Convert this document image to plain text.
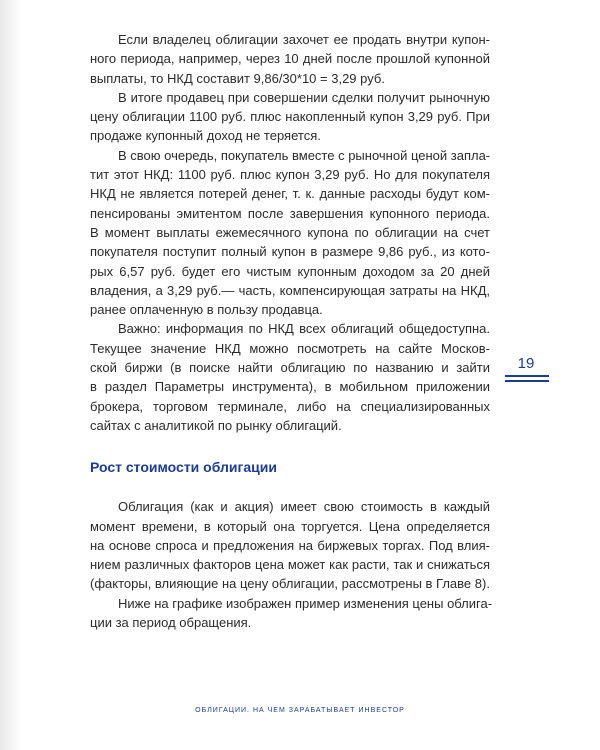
Если владелец облигации захочет ее продать внутри купон-
ного периода, например, через 10 дней после прошлой купонной
выплаты, то НКД составит 9,86/30*10 = 3,29 руб.
В итоге продавец при совершении сделки получит рыночную
цену облигации 1100 руб. плюс накопленный купон 3,29 руб. При
продаже купонный доход не теряется.
В свою очередь, покупатель вместе с рыночной ценой запла-
тит этот НКД: 1100 руб. плюс купон 3,29 руб. Но для покупателя
НКД не является потерей денег, т. к. данные расходы будут ком-
пенсированы эмитентом после завершения купонного периода.
В момент выплаты ежемесячного купона по облигации на счет
покупателя поступит полный купон в размере 9,86 руб., из кото-
рых 6,57 руб. будет его чистым купонным доходом за 20 дней
владения, а 3,29 руб.— часть, компенсирующая затраты на НКД,
ранее оплаченную в пользу продавца.
Важно: информация по НКД всех облигаций общедоступна.
Текущее значение НКД можно посмотреть на сайте Москов-
ской биржи (в поиске найти облигацию по названию и зайти
в раздел Параметры инструмента), в мобильном приложении
брокера, торговом терминале, либо на специализированных
сайтах с аналитикой по рынку облигаций.
Рост стоимости облигации
Облигация (как и акция) имеет свою стоимость в каждый
момент времени, в который она торгуется. Цена определяется
на основе спроса и предложения на биржевых торгах. Под влия-
нием различных факторов цена может как расти, так и снижаться
(факторы, влияющие на цену облигации, рассмотрены в Главе 8).
Ниже на графике изображен пример изменения цены облига-
ции за период обращения.
19
ОБЛИГАЦИИ. НА ЧЕМ ЗАРАБАТЫВАЕТ ИНВЕСТОР
